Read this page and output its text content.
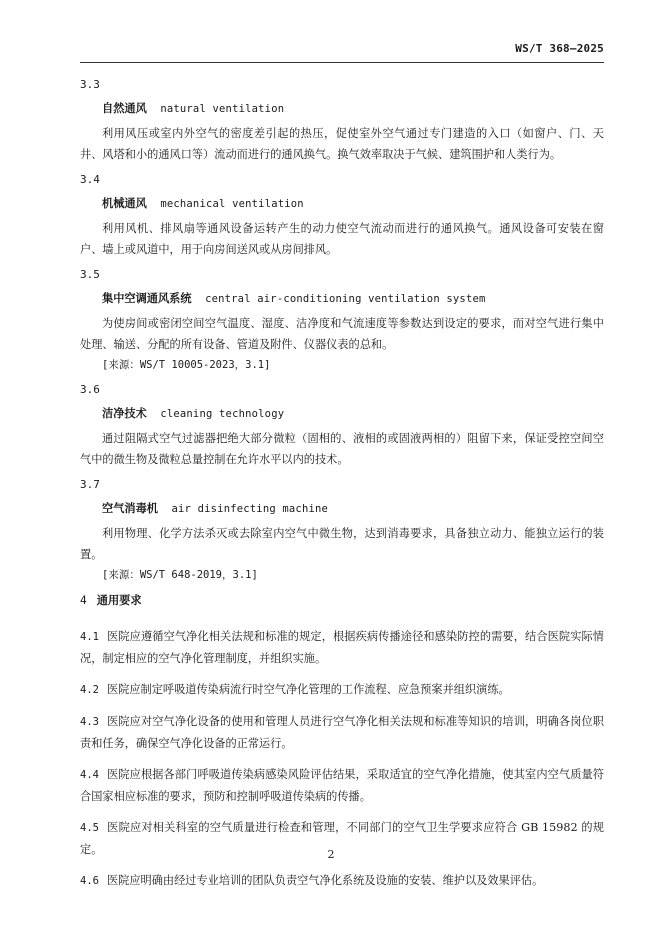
WS/T 368—2025
3.3
自然通风 natural ventilation

利用风压或室内外空气的密度差引起的热压，促使室外空气通过专门建造的入口（如窗户、门、天井、风塔和小的通风口等）流动而进行的通风换气。换气效率取决于气候、建筑围护和人类行为。

3.4
机械通风 mechanical ventilation

利用风机、排风扇等通风设备运转产生的动力使空气流动而进行的通风换气。通风设备可安装在窗户、墙上或风道中，用于向房间送风或从房间排风。

3.5
集中空调通风系统 central air-conditioning ventilation system

为使房间或密闭空间空气温度、湿度、洁净度和气流速度等参数达到设定的要求，而对空气进行集中处理、输送、分配的所有设备、管道及附件、仪器仪表的总和。

[来源：WS/T 10005-2023，3.1]
3.6
洁净技术 cleaning technology

通过阻隔式空气过滤器把绝大部分微粒（固相的、液相的或固液两相的）阻留下来，保证受控空间空气中的微生物及微粒总量控制在允许水平以内的技术。

3.7
空气消毒机 air disinfecting machine

利用物理、化学方法杀灭或去除室内空气中微生物，达到消毒要求，具备独立动力、能独立运行的装置。

[来源：WS/T 648-2019，3.1]
4 通用要求

4.1 医院应遵循空气净化相关法规和标准的规定，根据疾病传播途径和感染防控的需要，结合医院实际情况，制定相应的空气净化管理制度，并组织实施。

4.2 医院应制定呼吸道传染病流行时空气净化管理的工作流程、应急预案并组织演练。

4.3 医院应对空气净化设备的使用和管理人员进行空气净化相关法规和标准等知识的培训，明确各岗位职责和任务，确保空气净化设备的正常运行。

4.4 医院应根据各部门呼吸道传染病感染风险评估结果，采取适宜的空气净化措施，使其室内空气质量符合国家相应标准的要求，预防和控制呼吸道传染病的传播。

4.5 医院应对相关科室的空气质量进行检查和管理，不同部门的空气卫生学要求应符合 GB 15982 的规定。

4.6 医院应明确由经过专业培训的团队负责空气净化系统及设施的安装、维护以及效果评估。

2
